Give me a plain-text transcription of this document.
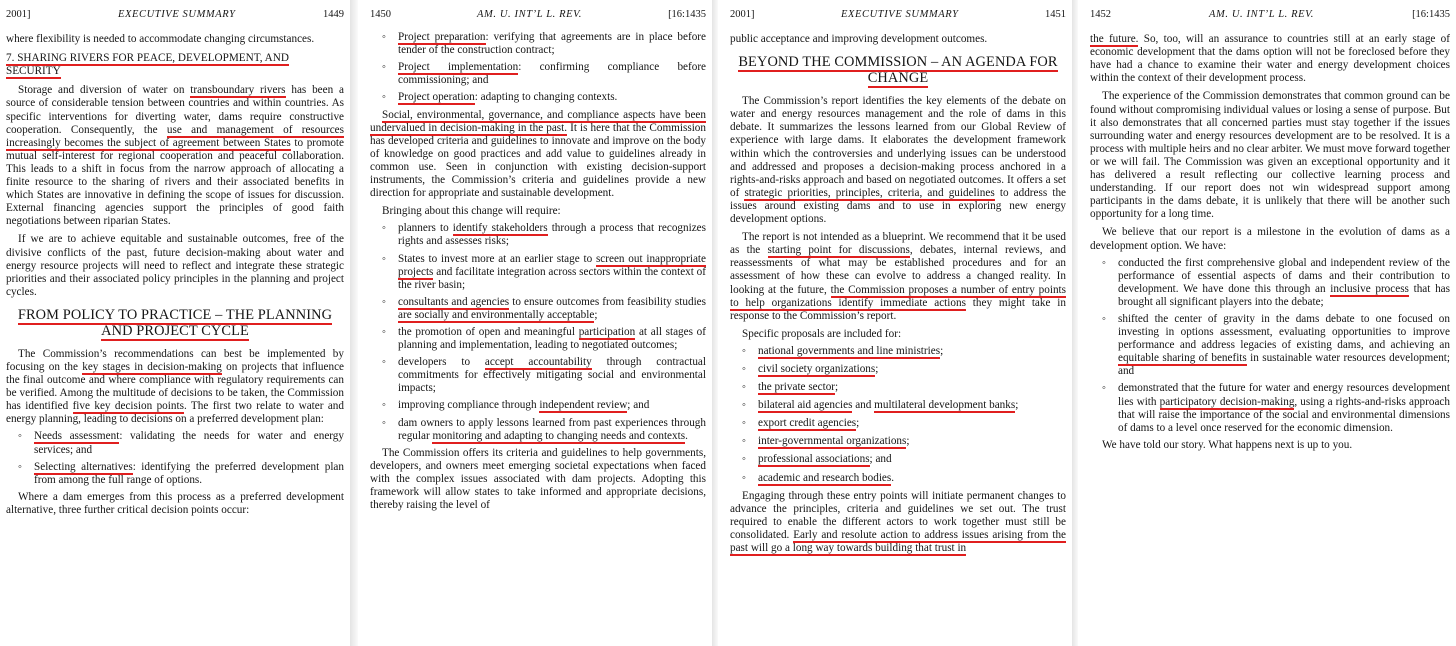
2001]	EXECUTIVE SUMMARY	1449

where flexibility is needed to accommodate changing circumstances.

7. SHARING RIVERS FOR PEACE, DEVELOPMENT, AND SECURITY

Storage and diversion of water on transboundary rivers has been a source of considerable tension between countries and within countries. As specific interventions for diverting water, dams require constructive cooperation. Consequently, the use and management of resources increasingly becomes the subject of agreement between States to promote mutual self-interest for regional cooperation and peaceful collaboration. This leads to a shift in focus from the narrow approach of allocating a finite resource to the sharing of rivers and their associated benefits in which States are innovative in defining the scope of issues for discussion. External financing agencies support the principles of good faith negotiations between riparian States.

If we are to achieve equitable and sustainable outcomes, free of the divisive conflicts of the past, future decision-making about water and energy resource projects will need to reflect and integrate these strategic priorities and their associated policy principles in the planning and project cycles.

FROM POLICY TO PRACTICE – THE PLANNING AND PROJECT CYCLE

The Commission’s recommendations can best be implemented by focusing on the key stages in decision-making on projects that influence the final outcome and where compliance with regulatory requirements can be verified. Among the multitude of decisions to be taken, the Commission has identified five key decision points. The first two relate to water and energy planning, leading to decisions on a preferred development plan:

◦ Needs assessment: validating the needs for water and energy services; and
◦ Selecting alternatives: identifying the preferred development plan from among the full range of options.

Where a dam emerges from this process as a preferred development alternative, three further critical decision points occur:

1450	AM. U. INT’L L. REV.	[16:1435
◦ Project preparation: verifying that agreements are in place before tender of the construction contract;
◦ Project implementation: confirming compliance before commissioning; and
◦ Project operation: adapting to changing contexts.

Social, environmental, governance, and compliance aspects have been undervalued in decision-making in the past. It is here that the Commission has developed criteria and guidelines to innovate and improve on the body of knowledge on good practices and add value to guidelines already in common use. Seen in conjunction with existing decision-support instruments, the Commission’s criteria and guidelines provide a new direction for appropriate and sustainable development.

Bringing about this change will require:

◦ planners to identify stakeholders through a process that recognizes rights and assesses risks;
◦ States to invest more at an earlier stage to screen out inappropriate projects and facilitate integration across sectors within the context of the river basin;
◦ consultants and agencies to ensure outcomes from feasibility studies are socially and environmentally acceptable;
◦ the promotion of open and meaningful participation at all stages of planning and implementation, leading to negotiated outcomes;
◦ developers to accept accountability through contractual commitments for effectively mitigating social and environmental impacts;
◦ improving compliance through independent review; and
◦ dam owners to apply lessons learned from past experiences through regular monitoring and adapting to changing needs and contexts.

The Commission offers its criteria and guidelines to help governments, developers, and owners meet emerging societal expectations when faced with the complex issues associated with dam projects. Adopting this framework will allow states to take informed and appropriate decisions, thereby raising the level of

2001]	EXECUTIVE SUMMARY	1451

public acceptance and improving development outcomes.

BEYOND THE COMMISSION – AN AGENDA FOR CHANGE

The Commission’s report identifies the key elements of the debate on water and energy resources management and the role of dams in this debate. It summarizes the lessons learned from our Global Review of experience with large dams. It elaborates the development framework within which the controversies and underlying issues can be understood and addressed and proposes a decision-making process anchored in a rights-and-risks approach and based on negotiated outcomes. It offers a set of strategic priorities, principles, criteria, and guidelines to address the issues around existing dams and to use in exploring new energy development options.

The report is not intended as a blueprint. We recommend that it be used as the starting point for discussions, debates, internal reviews, and reassessments of what may be established procedures and for an assessment of how these can evolve to address a changed reality. In looking at the future, the Commission proposes a number of entry points to help organizations identify immediate actions they might take in response to the Commission’s report.

Specific proposals are included for:

◦ national governments and line ministries;
◦ civil society organizations;
◦ the private sector;
◦ bilateral aid agencies and multilateral development banks;
◦ export credit agencies;
◦ inter-governmental organizations;
◦ professional associations; and
◦ academic and research bodies.

Engaging through these entry points will initiate permanent changes to advance the principles, criteria and guidelines we set out. The trust required to enable the different actors to work together must still be consolidated. Early and resolute action to address issues arising from the past will go a long way towards building that trust in

1452	AM. U. INT’L L. REV.	[16:1435

the future. So, too, will an assurance to countries still at an early stage of economic development that the dams option will not be foreclosed before they have had a chance to examine their water and energy development choices within the context of their development process.

The experience of the Commission demonstrates that common ground can be found without compromising individual values or losing a sense of purpose. But it also demonstrates that all concerned parties must stay together if the issues surrounding water and energy resources development are to be resolved. It is a process with multiple heirs and no clear arbiter. We must move forward together or we will fail. The Commission was given an exceptional opportunity and it has delivered a result reflecting our collective learning process and understanding. If our report does not win widespread support among participants in the dams debate, it is unlikely that there will be another such opportunity for a long time.

We believe that our report is a milestone in the evolution of dams as a development option. We have:

◦ conducted the first comprehensive global and independent review of the performance of essential aspects of dams and their contribution to development. We have done this through an inclusive process that has brought all significant players into the debate;
◦ shifted the center of gravity in the dams debate to one focused on investing in options assessment, evaluating opportunities to improve performance and address legacies of existing dams, and achieving an equitable sharing of benefits in sustainable water resources development; and
◦ demonstrated that the future for water and energy resources development lies with participatory decision-making, using a rights-and-risks approach that will raise the importance of the social and environmental dimensions of dams to a level once reserved for the economic dimension.

We have told our story. What happens next is up to you.
